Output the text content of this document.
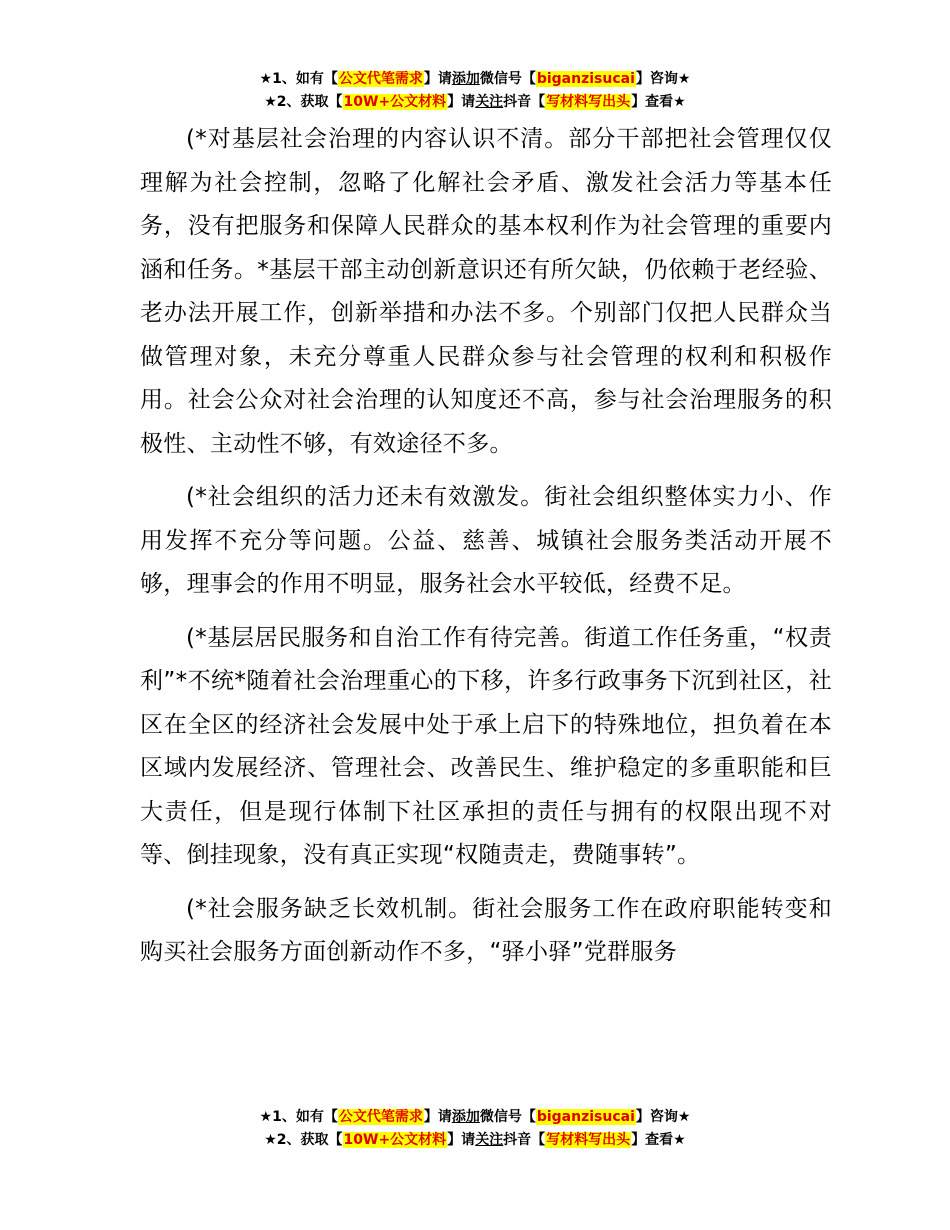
★1、如有【公文代笔需求】请添加微信号【biganzisucai】咨询★
★2、获取【10W+公文材料】请关注抖音【写材料写出头】查看★

(*对基层社会治理的内容认识不清。部分干部把社会管理仅仅理解为社会控制，忽略了化解社会矛盾、激发社会活力等基本任务，没有把服务和保障人民群众的基本权利作为社会管理的重要内涵和任务。*基层干部主动创新意识还有所欠缺，仍依赖于老经验、老办法开展工作，创新举措和办法不多。个别部门仅把人民群众当做管理对象，未充分尊重人民群众参与社会管理的权利和积极作用。社会公众对社会治理的认知度还不高，参与社会治理服务的积极性、主动性不够，有效途径不多。

(*社会组织的活力还未有效激发。街社会组织整体实力小、作用发挥不充分等问题。公益、慈善、城镇社会服务类活动开展不够，理事会的作用不明显，服务社会水平较低，经费不足。

(*基层居民服务和自治工作有待完善。街道工作任务重，“权责利”*不统*随着社会治理重心的下移，许多行政事务下沉到社区，社区在全区的经济社会发展中处于承上启下的特殊地位，担负着在本区域内发展经济、管理社会、改善民生、维护稳定的多重职能和巨大责任，但是现行体制下社区承担的责任与拥有的权限出现不对等、倒挂现象，没有真正实现“权随责走，费随事转”。

(*社会服务缺乏长效机制。街社会服务工作在政府职能转变和购买社会服务方面创新动作不多，“驿小驿”党群服务

★1、如有【公文代笔需求】请添加微信号【biganzisucai】咨询★
★2、获取【10W+公文材料】请关注抖音【写材料写出头】查看★
